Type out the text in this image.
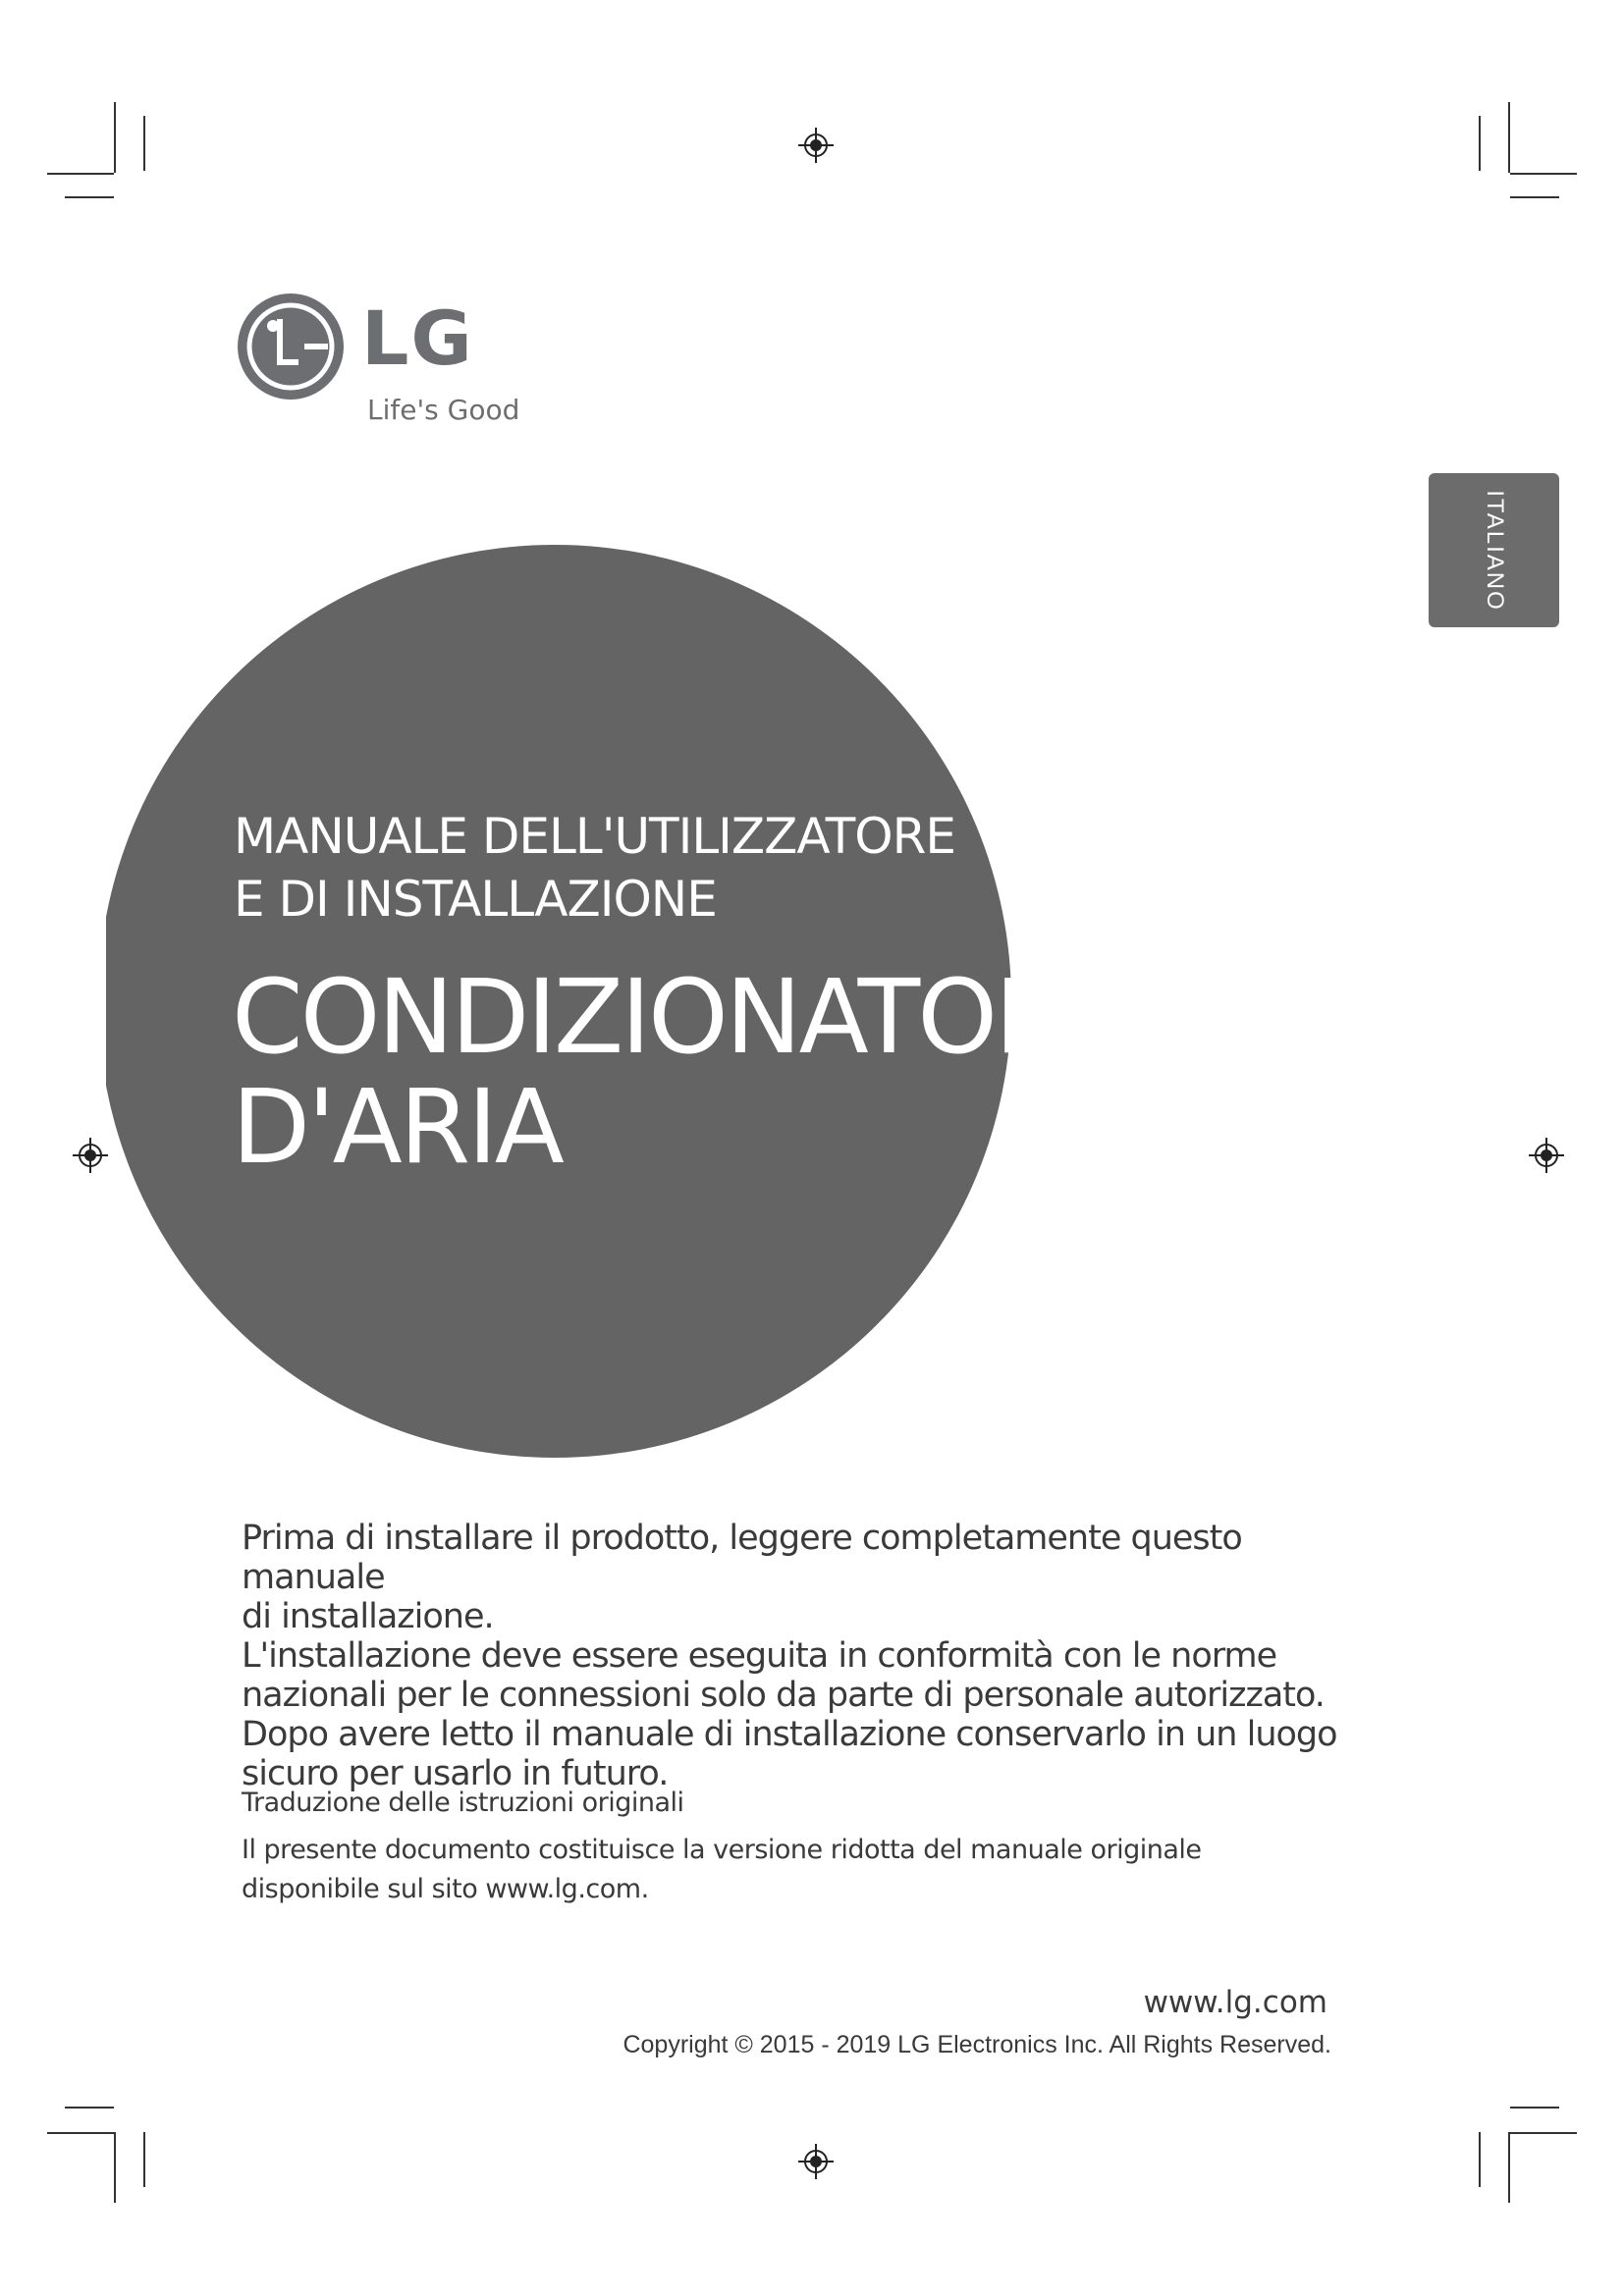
LG
Life's Good
ITALIANO
MANUALE DELL'UTILIZZATORE
E DI INSTALLAZIONE
CONDIZIONATORE
D'ARIA

Prima di installare il prodotto, leggere completamente questo manuale

di installazione.

L'installazione deve essere eseguita in conformità con le norme

nazionali per le connessioni solo da parte di personale autorizzato.

Dopo avere letto il manuale di installazione conservarlo in un luogo

sicuro per usarlo in futuro.

Traduzione delle istruzioni originali

Il presente documento costituisce la versione ridotta del manuale originale

disponibile sul sito www.lg.com.

www.lg.com
Copyright © 2015 - 2019 LG Electronics Inc. All Rights Reserved.
